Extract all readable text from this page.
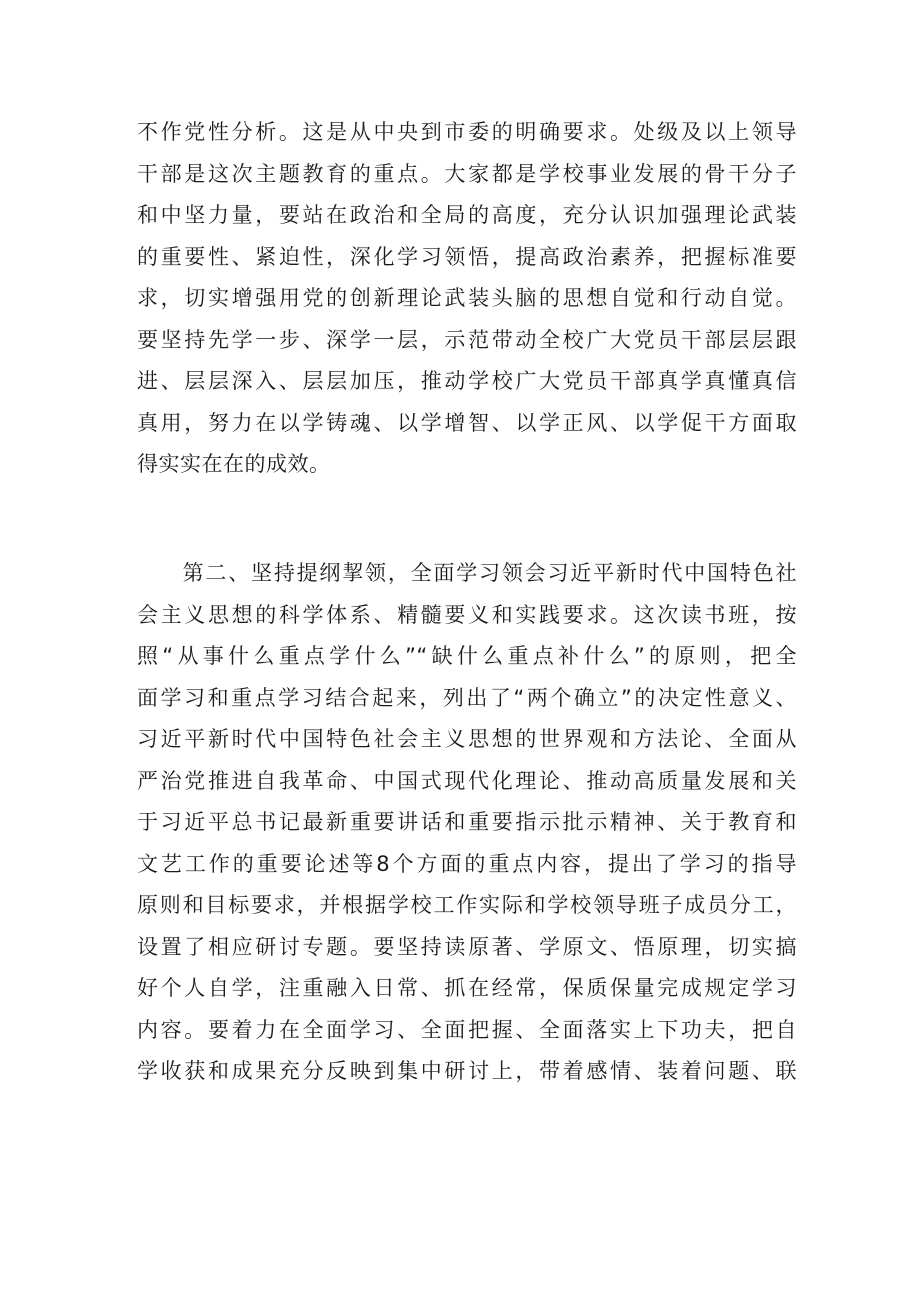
不作党性分析。这是从中央到市委的明确要求。处级及以上领导
干部是这次主题教育的重点。大家都是学校事业发展的骨干分子
和中坚力量，要站在政治和全局的高度，充分认识加强理论武装
的重要性、紧迫性，深化学习领悟，提高政治素养，把握标准要
求，切实增强用党的创新理论武装头脑的思想自觉和行动自觉。
要坚持先学一步、深学一层，示范带动全校广大党员干部层层跟
进、层层深入、层层加压，推动学校广大党员干部真学真懂真信
真用，努力在以学铸魂、以学增智、以学正风、以学促干方面取
得实实在在的成效。
　　第二、坚持提纲挈领，全面学习领会习近平新时代中国特色社
会主义思想的科学体系、精髓要义和实践要求。这次读书班，按
照“从事什么重点学什么”“缺什么重点补什么”的原则，把全
面学习和重点学习结合起来，列出了“两个确立”的决定性意义、
习近平新时代中国特色社会主义思想的世界观和方法论、全面从
严治党推进自我革命、中国式现代化理论、推动高质量发展和关
于习近平总书记最新重要讲话和重要指示批示精神、关于教育和
文艺工作的重要论述等8个方面的重点内容，提出了学习的指导
原则和目标要求，并根据学校工作实际和学校领导班子成员分工，
设置了相应研讨专题。要坚持读原著、学原文、悟原理，切实搞
好个人自学，注重融入日常、抓在经常，保质保量完成规定学习
内容。要着力在全面学习、全面把握、全面落实上下功夫，把自
学收获和成果充分反映到集中研讨上，带着感情、装着问题、联
